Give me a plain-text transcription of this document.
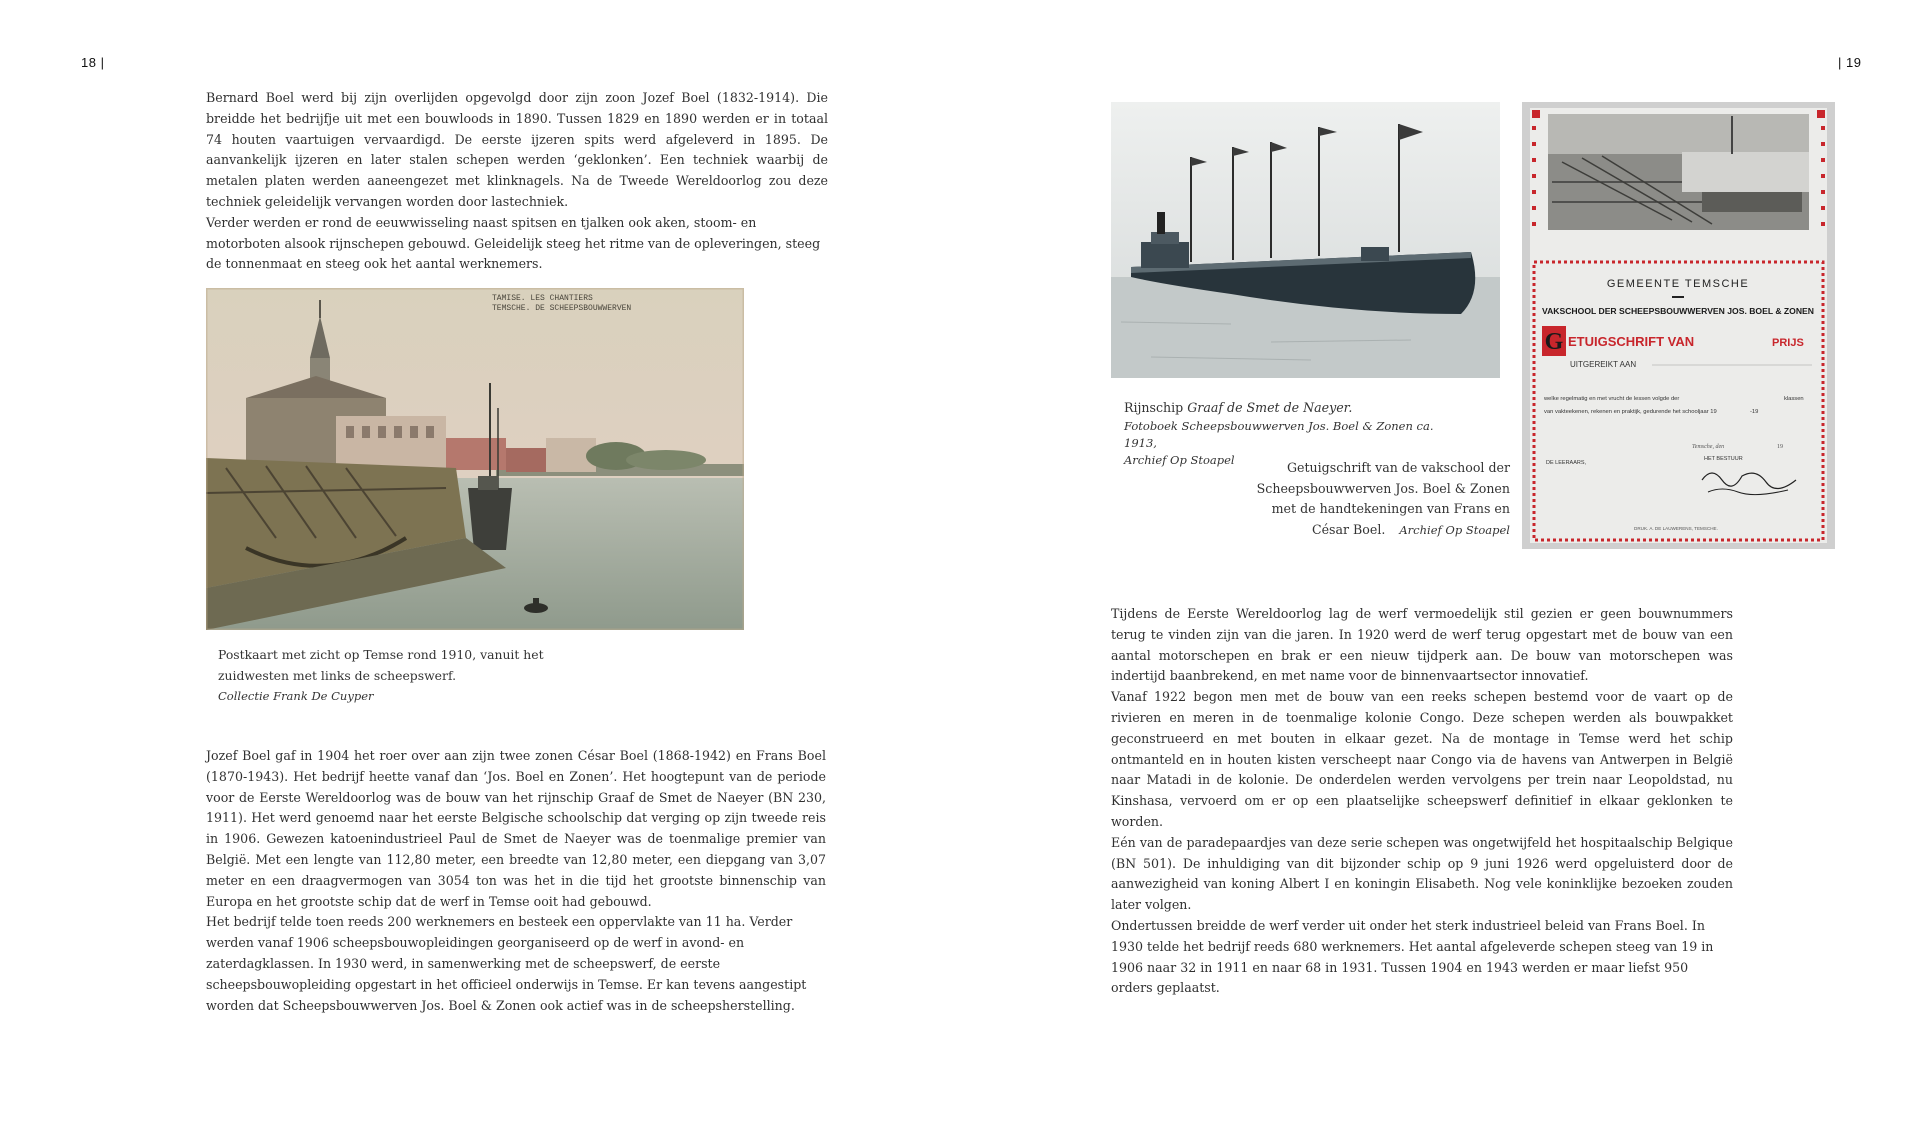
18 |	| 19
Bernard Boel werd bij zijn overlijden opgevolgd door zijn zoon Jozef Boel (1832-1914). Die breidde het bedrijfje uit met een bouwloods in 1890. Tussen 1829 en 1890 werden er in totaal 74 houten vaartuigen vervaardigd. De eerste ijzeren spits werd afgeleverd in 1895. De aanvankelijk ijzeren en later stalen schepen werden ‘geklonken’. Een techniek waarbij de metalen platen werden aaneengezet met klinknagels. Na de Tweede Wereldoorlog zou deze techniek geleidelijk vervangen worden door lastechniek.
Verder werden er rond de eeuwwisseling naast spitsen en tjalken ook aken, stoom- en motorboten alsook rijnschepen gebouwd. Geleidelijk steeg het ritme van de opleveringen, steeg de tonnenmaat en steeg ook het aantal werknemers.
TAMISE. LES CHANTIERS
TEMSCHE. DE SCHEEPSBOUWWERVEN
Postkaart met zicht op Temse rond 1910, vanuit het
zuidwesten met links de scheepswerf.
Collectie Frank De Cuyper
Jozef Boel gaf in 1904 het roer over aan zijn twee zonen César Boel (1868-1942) en Frans Boel (1870-1943). Het bedrijf heette vanaf dan ‘Jos. Boel en Zonen’. Het hoogtepunt van de periode voor de Eerste Wereldoorlog was de bouw van het rijnschip Graaf de Smet de Naeyer (BN 230, 1911). Het werd genoemd naar het eerste Belgische schoolschip dat verging op zijn tweede reis in 1906. Gewezen katoenindustrieel Paul de Smet de Naeyer was de toenmalige premier van België. Met een lengte van 112,80 meter, een breedte van 12,80 meter, een diepgang van 3,07 meter en een draagvermogen van 3054 ton was het in die tijd het grootste binnenschip van Europa en het grootste schip dat de werf in Temse ooit had gebouwd.
Het bedrijf telde toen reeds 200 werknemers en besteek een oppervlakte van 11 ha. Verder werden vanaf 1906 scheepsbouwopleidingen georganiseerd op de werf in avond- en zaterdagklassen. In 1930 werd, in samenwerking met de scheepswerf, de eerste scheepsbouwopleiding opgestart in het officieel onderwijs in Temse. Er kan tevens aangestipt worden dat Scheepsbouwwerven Jos. Boel & Zonen ook actief was in de scheepsherstelling.
Rijnschip Graaf de Smet de Naeyer.
Fotoboek Scheepsbouwwerven Jos. Boel & Zonen ca. 1913,
Archief Op Stoapel
GEMEENTE TEMSCHE
VAKSCHOOL DER SCHEEPSBOUWWERVEN JOS. BOEL & ZONEN
G ETUIGSCHRIFT VAN	PRIJS
UITGEREIKT AAN
welke regelmatig en met vrucht de lessen volgde der	klassen
van vakteekenen, rekenen en praktijk, gedurende het schooljaar 19	-19
Temsche, den	19
DE LEERAARS,
HET BESTUUR
DRUK. A. DE LAUWERENS, TEMSCHE.
Getuigschrift van de vakschool der
Scheepsbouwwerven Jos. Boel & Zonen
met de handtekeningen van Frans en
César Boel. Archief Op Stoapel
Tijdens de Eerste Wereldoorlog lag de werf vermoedelijk stil gezien er geen bouwnummers terug te vinden zijn van die jaren. In 1920 werd de werf terug opgestart met de bouw van een aantal motorschepen en brak er een nieuw tijdperk aan. De bouw van motorschepen was indertijd baanbrekend, en met name voor de binnenvaartsector innovatief.
Vanaf 1922 begon men met de bouw van een reeks schepen bestemd voor de vaart op de rivieren en meren in de toenmalige kolonie Congo. Deze schepen werden als bouwpakket geconstrueerd en met bouten in elkaar gezet. Na de montage in Temse werd het schip ontmanteld en in houten kisten verscheept naar Congo via de havens van Antwerpen in België naar Matadi in de kolonie. De onderdelen werden vervolgens per trein naar Leopoldstad, nu Kinshasa, vervoerd om er op een plaatselijke scheepswerf definitief in elkaar geklonken te worden.
Eén van de paradepaardjes van deze serie schepen was ongetwijfeld het hospitaalschip Belgique (BN 501). De inhuldiging van dit bijzonder schip op 9 juni 1926 werd opgeluisterd door de aanwezigheid van koning Albert I en koningin Elisabeth. Nog vele koninklijke bezoeken zouden later volgen.
Ondertussen breidde de werf verder uit onder het sterk industrieel beleid van Frans Boel. In 1930 telde het bedrijf reeds 680 werknemers. Het aantal afgeleverde schepen steeg van 19 in 1906 naar 32 in 1911 en naar 68 in 1931. Tussen 1904 en 1943 werden er maar liefst 950 orders geplaatst.
